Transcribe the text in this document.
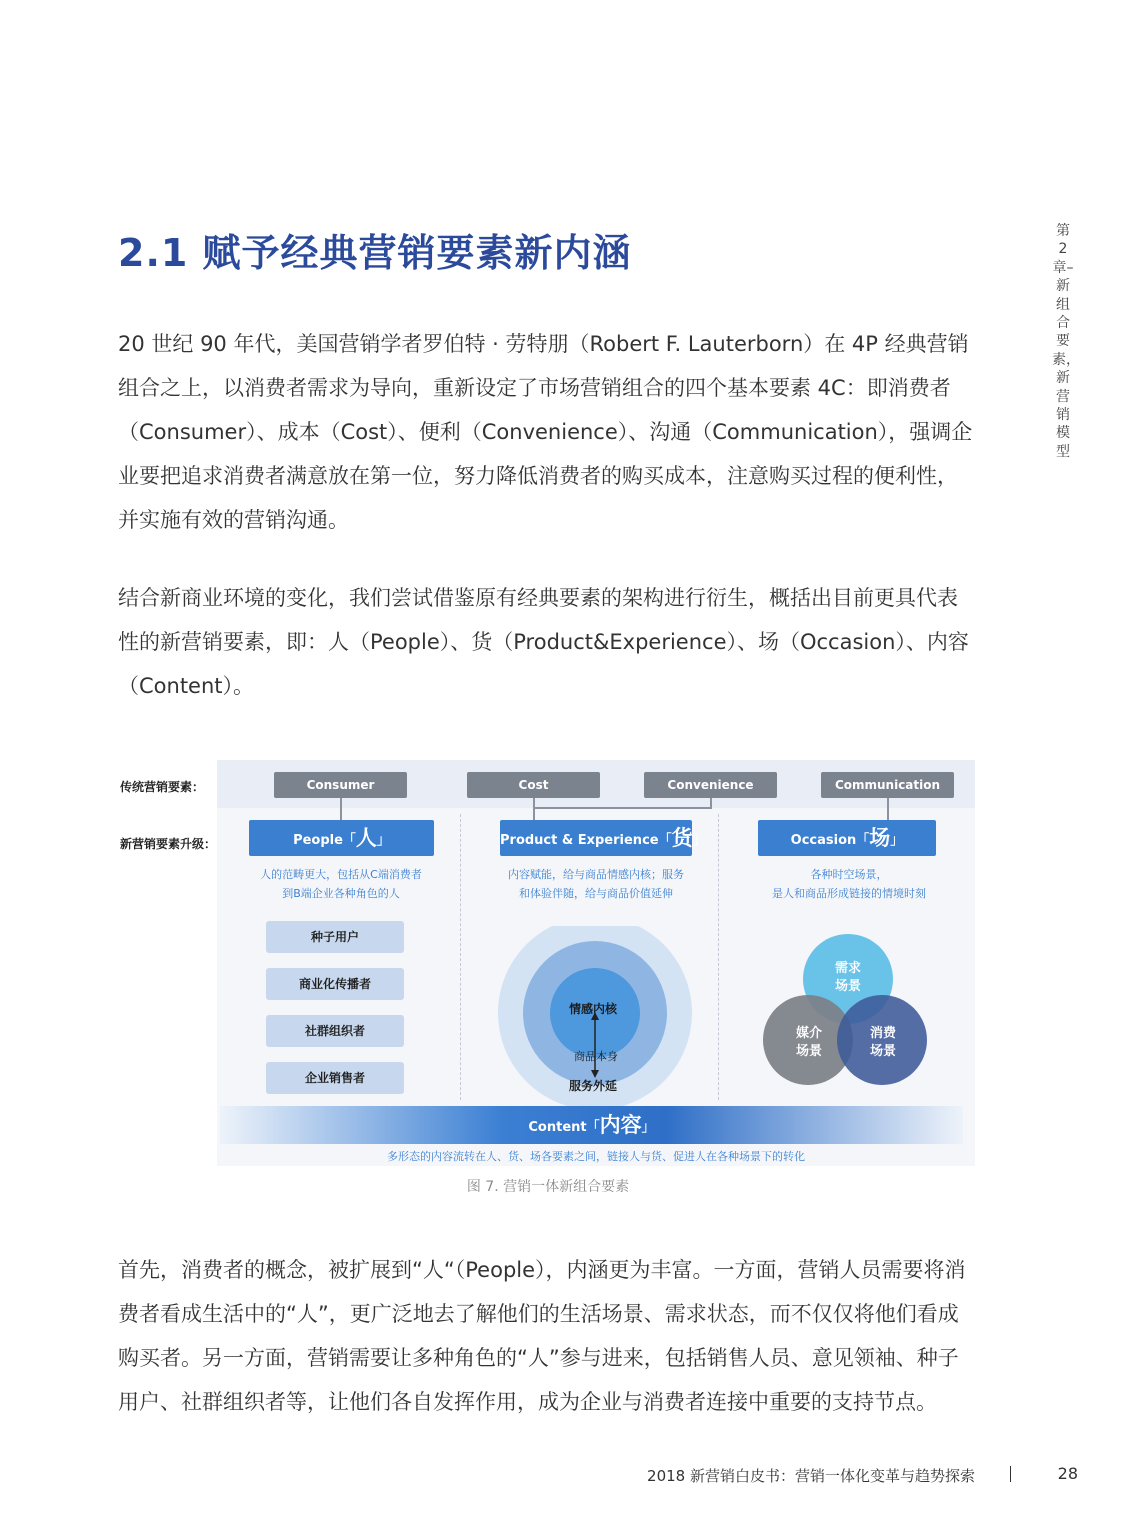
2.1 赋予经典营销要素新内涵	第2章–新组合要素，新营销模型

20 世纪 90 年代，美国营销学者罗伯特 · 劳特朋（Robert F. Lauterborn）在 4P 经典营销组合之上，以消费者需求为导向，重新设定了市场营销组合的四个基本要素 4C：即消费者（Consumer）、成本（Cost）、便利（Convenience）、沟通（Communication），强调企业要把追求消费者满意放在第一位，努力降低消费者的购买成本，注意购买过程的便利性，并实施有效的营销沟通。

结合新商业环境的变化，我们尝试借鉴原有经典要素的架构进行衍生，概括出目前更具代表性的新营销要素，即：人（People）、货（Product&Experience）、场（Occasion）、内容（Content）。

传统营销要素：
新营销要素升级：
Consumer	Cost	Convenience	Communication
People「人」	Product & Experience「货」	Occasion「场」
人的范畴更大，包括从C端消费者
到B端企业各种角色的人
内容赋能，给与商品情感内核；服务
和体验伴随，给与商品价值延伸
各种时空场景，
是人和商品形成链接的情境时刻
种子用户
商业化传播者
社群组织者
企业销售者
情感内核
商品本身
服务外延
需求
场景
媒介
场景
消费
场景
Content「内容」
多形态的内容流转在人、货、场各要素之间，链接人与货、促进人在各种场景下的转化
图 7. 营销一体新组合要素

首先，消费者的概念，被扩展到“人“（People），内涵更为丰富。一方面，营销人员需要将消费者看成生活中的“人”，更广泛地去了解他们的生活场景、需求状态，而不仅仅将他们看成购买者。另一方面，营销需要让多种角色的“人”参与进来，包括销售人员、意见领袖、种子用户、社群组织者等，让他们各自发挥作用，成为企业与消费者连接中重要的支持节点。

2018 新营销白皮书：营销一体化变革与趋势探索	28
